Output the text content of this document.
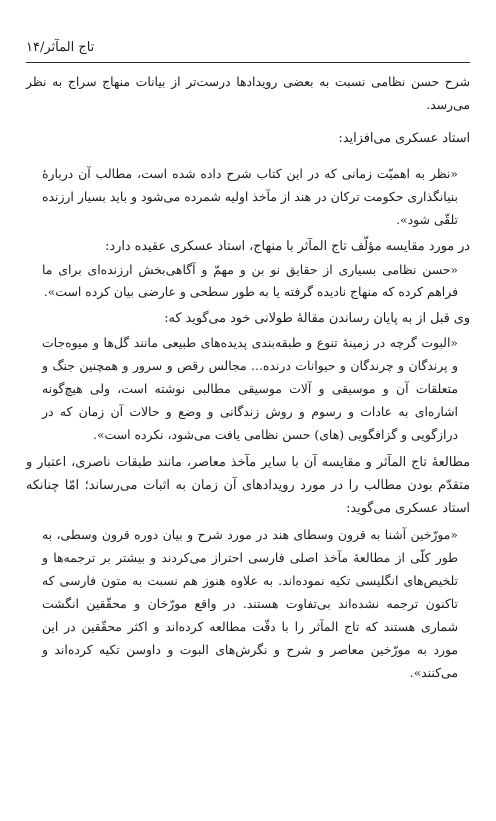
تاج المآثر/۱۴

شرح حسن نظامی نسبت به بعضی رویدادها درست‌تر از بیانات منهاج سراج به نظر می‌رسد.

استاد عسکری می‌افزاید:

«نظر به اهمیّت زمانی که در این کتاب شرح داده شده است، مطالب آن دربارهٔ بنیانگذاری حکومت ترکان در هند از مآخذ اولیه شمرده می‌شود و باید بسیار ارزنده تلقّی شود».

در مورد مقایسه مؤلّف تاج المآثر با منهاج، استاد عسکری عقیده دارد:

«حسن نظامی بسیاری از حقایق نو بن و مهمّ و آگاهی‌بخش ارزنده‌ای برای ما فراهم کرده که منهاج نادیده گرفته یا به طور سطحی و عارضی بیان کرده است».

وی قبل از به پایان رساندن مقالهٔ طولانی خود می‌گوید که:

«البوت گرچه در زمینهٔ تنوع و طبقه‌بندی پدیده‌های طبیعی مانند گل‌ها و میوه‌جات و پرندگان و چرندگان و حیوانات درنده... مجالس رقص و سرور و همچنین جنگ و متعلقات آن و موسیقی و آلات موسیقی مطالبی نوشته است، ولی هیچ‌گونه اشاره‌ای به عادات و رسوم و روش زندگانی و وضع و حالات آن زمان که در درازگویی و گزافگویی (های) حسن نظامی یافت می‌شود، نکرده است».

مطالعهٔ تاج المآثر و مقایسه آن با سایر مآخذ معاصر، مانند طبقات ناصری، اعتبار و متقدّم بودن مطالب را در مورد رویدادهای آن زمان به اثبات می‌رساند؛ امّا چنانکه استاد عسکری می‌گوید:

«مورّخین آشنا به قرون وسطای هند در مورد شرح و بیان دوره قرون وسطی، به طور کلّی از مطالعهٔ مآخذ اصلی فارسی احتراز می‌کردند و بیشتر بر ترجمه‌ها و تلخیص‌های انگلیسی تکیه نموده‌اند. به علاوه هنوز هم نسبت به متون فارسی که تاکنون ترجمه نشده‌اند بی‌تفاوت هستند. در واقع مورّخان و محقّقین انگشت شماری هستند که تاج المآثر را با دقّت مطالعه کرده‌اند و اکثر محقّقین در این مورد به مورّخین معاصر و شرح و نگرش‌های البوت و داوسن تکیه کرده‌اند و می‌کنند».
